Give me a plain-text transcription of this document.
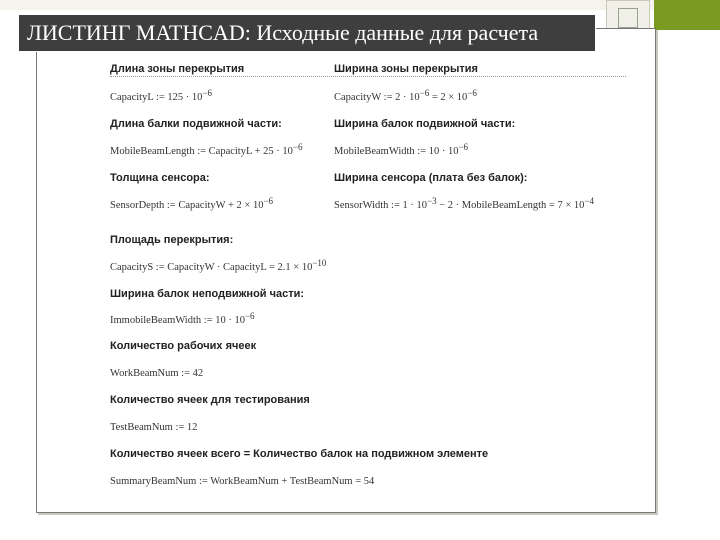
ЛИСТИНГ MATHCAD: Исходные данные для расчета
Длина зоны перекрытия
CapacityL := $125 \cdot 10^{-6}$
Длина балки подвижной части:
MobileBeamLength := CapacityL + $25 \cdot 10^{-6}$
Толщина сенсора:
SensorDepth := CapacityW + $2 \times 10^{-6}$
Площадь перекрытия:
CapacityS := CapacityW · CapacityL = $2.1 \times 10^{-10}$
Ширина балок неподвижной части:
ImmobileBeamWidth := $10 \cdot 10^{-6}$
Количество рабочих ячеек
WorkBeamNum := 42
Количество ячеек для тестирования
TestBeamNum := 12
Количество ячеек всего = Количество балок на подвижном элементе
SummaryBeamNum := WorkBeamNum + TestBeamNum = 54
Ширина зоны перекрытия
CapacityW := $2 \cdot 10^{-6} = 2 \times 10^{-6}$
Ширина балок подвижной части:
MobileBeamWidth := $10 \cdot 10^{-6}$
Ширина сенсора (плата без балок):
SensorWidth := $1 \cdot 10^{-3} - 2$ · MobileBeamLength = $7 \times 10^{-4}$
